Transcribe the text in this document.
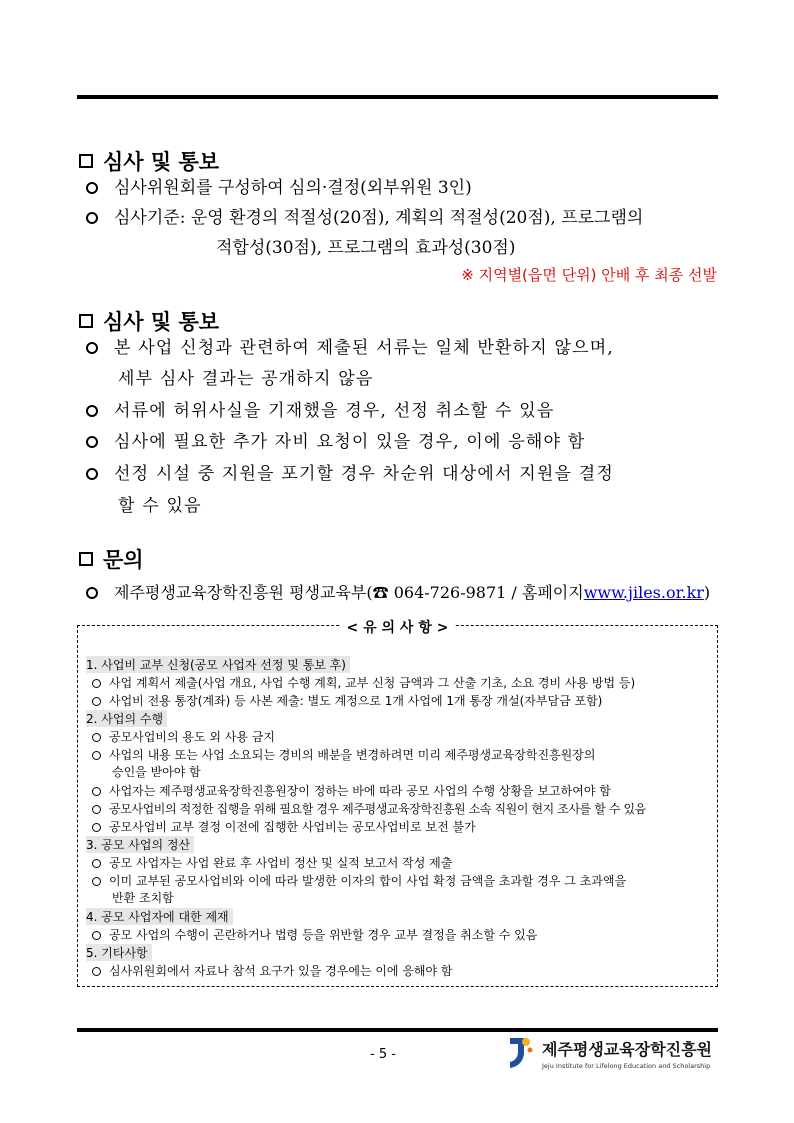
심사 및 통보
심사위원회를 구성하여 심의·결정(외부위원 3인)
심사기준: 운영 환경의 적절성(20점), 계획의 적절성(20점), 프로그램의
적합성(30점), 프로그램의 효과성(30점)
※ 지역별(읍면 단위) 안배 후 최종 선발
심사 및 통보
본 사업 신청과 관련하여 제출된 서류는 일체 반환하지 않으며,
세부 심사 결과는 공개하지 않음
서류에 허위사실을 기재했을 경우, 선정 취소할 수 있음
심사에 필요한 추가 자비 요청이 있을 경우, 이에 응해야 함
선정 시설 중 지원을 포기할 경우 차순위 대상에서 지원을 결정
할 수 있음
문의
제주평생교육장학진흥원 평생교육부(☎ 064-726-9871 / 홈페이지 www.jiles.or.kr )
< 유 의 사 항 >
1. 사업비 교부 신청(공모 사업자 선정 및 통보 후)
사업 계획서 제출(사업 개요, 사업 수행 계획, 교부 신청 금액과 그 산출 기초, 소요 경비 사용 방법 등)
사업비 전용 통장(계좌) 등 사본 제출: 별도 계정으로 1개 사업에 1개 통장 개설(자부담금 포함)
2. 사업의 수행
공모사업비의 용도 외 사용 금지
사업의 내용 또는 사업 소요되는 경비의 배분을 변경하려면 미리 제주평생교육장학진흥원장의
승인을 받아야 함
사업자는 제주평생교육장학진흥원장이 정하는 바에 따라 공모 사업의 수행 상황을 보고하여야 함
공모사업비의 적정한 집행을 위해 필요할 경우 제주평생교육장학진흥원 소속 직원이 현지 조사를 할 수 있음
공모사업비 교부 결정 이전에 집행한 사업비는 공모사업비로 보전 불가
3. 공모 사업의 정산
공모 사업자는 사업 완료 후 사업비 정산 및 실적 보고서 작성 제출
이미 교부된 공모사업비와 이에 따라 발생한 이자의 합이 사업 확정 금액을 초과할 경우 그 초과액을
반환 조치함
4. 공모 사업자에 대한 제재
공모 사업의 수행이 곤란하거나 법령 등을 위반할 경우 교부 결정을 취소할 수 있음
5. 기타사항
심사위원회에서 자료나 참석 요구가 있을 경우에는 이에 응해야 함
- 5 -	제주평생교육장학진흥원
Jeju Institute for Lifelong Education and Scholarship
